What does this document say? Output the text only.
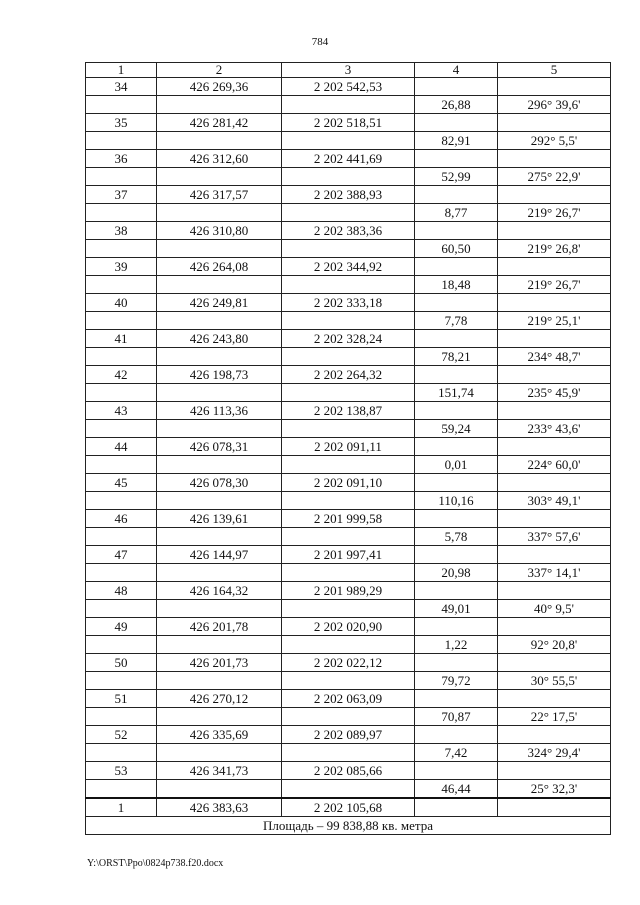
784
1	2	3	4	5
34	426 269,36	2 202 542,53		
			26,88	296° 39,6'
35	426 281,42	2 202 518,51		
			82,91	292° 5,5'
36	426 312,60	2 202 441,69		
			52,99	275° 22,9'
37	426 317,57	2 202 388,93		
			8,77	219° 26,7'
38	426 310,80	2 202 383,36		
			60,50	219° 26,8'
39	426 264,08	2 202 344,92		
			18,48	219° 26,7'
40	426 249,81	2 202 333,18		
			7,78	219° 25,1'
41	426 243,80	2 202 328,24		
			78,21	234° 48,7'
42	426 198,73	2 202 264,32		
			151,74	235° 45,9'
43	426 113,36	2 202 138,87		
			59,24	233° 43,6'
44	426 078,31	2 202 091,11		
			0,01	224° 60,0'
45	426 078,30	2 202 091,10		
			110,16	303° 49,1'
46	426 139,61	2 201 999,58		
			5,78	337° 57,6'
47	426 144,97	2 201 997,41		
			20,98	337° 14,1'
48	426 164,32	2 201 989,29		
			49,01	40° 9,5'
49	426 201,78	2 202 020,90		
			1,22	92° 20,8'
50	426 201,73	2 202 022,12		
			79,72	30° 55,5'
51	426 270,12	2 202 063,09		
			70,87	22° 17,5'
52	426 335,69	2 202 089,97		
			7,42	324° 29,4'
53	426 341,73	2 202 085,66		
			46,44	25° 32,3'
1	426 383,63	2 202 105,68		
Площадь – 99 838,88 кв. метра				
Y:\ORST\Ppo\0824p738.f20.docx
